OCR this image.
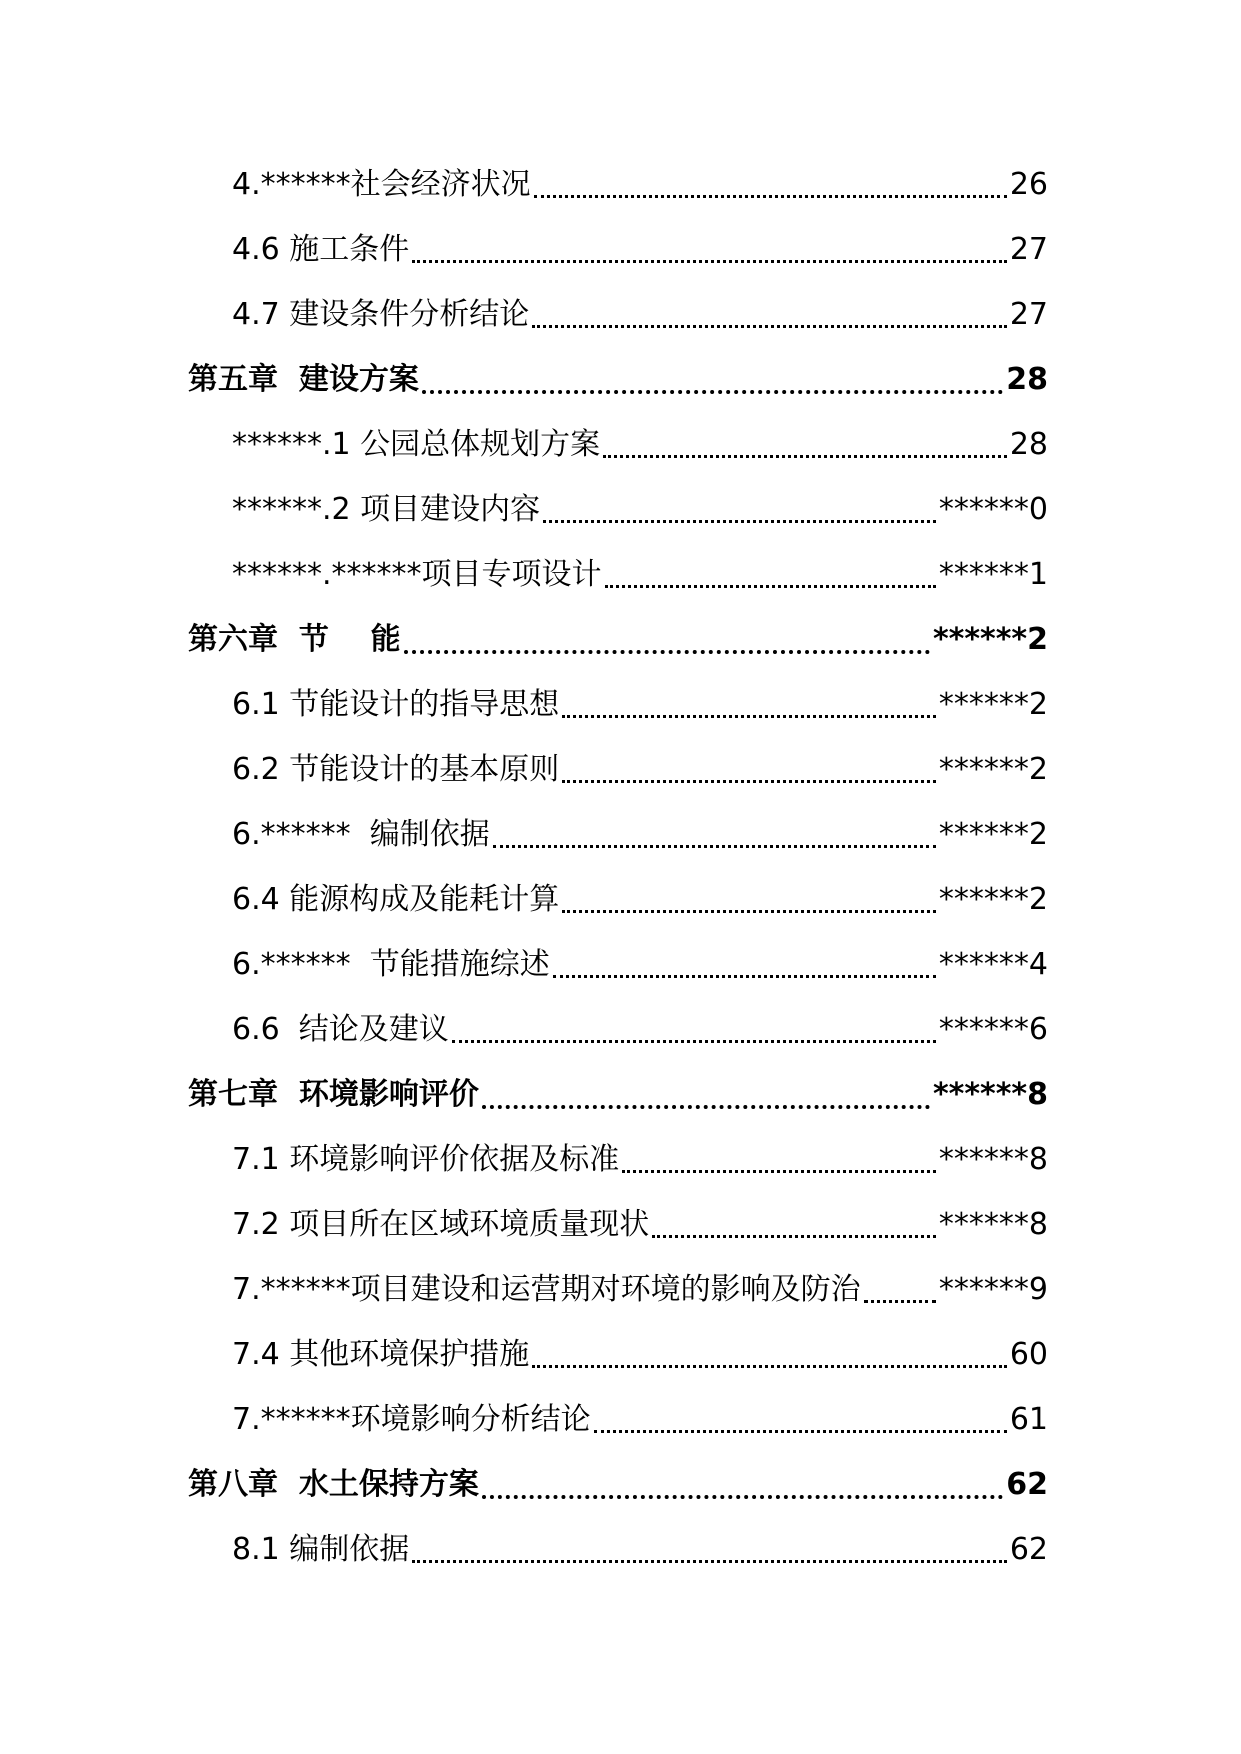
4.******社会经济状况	26
4.6 施工条件	27
4.7 建设条件分析结论	27
第五章  建设方案	28
******.1 公园总体规划方案	28
******.2 项目建设内容	******0
******.******项目专项设计	******1
第六章  节    能	******2
6.1 节能设计的指导思想	******2
6.2 节能设计的基本原则	******2
6.******  编制依据	******2
6.4 能源构成及能耗计算	******2
6.******  节能措施综述	******4
6.6  结论及建议	******6
第七章  环境影响评价	******8
7.1 环境影响评价依据及标准	******8
7.2 项目所在区域环境质量现状	******8
7.******项目建设和运营期对环境的影响及防治	******9
7.4 其他环境保护措施	60
7.******环境影响分析结论	61
第八章  水土保持方案	62
8.1 编制依据	62
